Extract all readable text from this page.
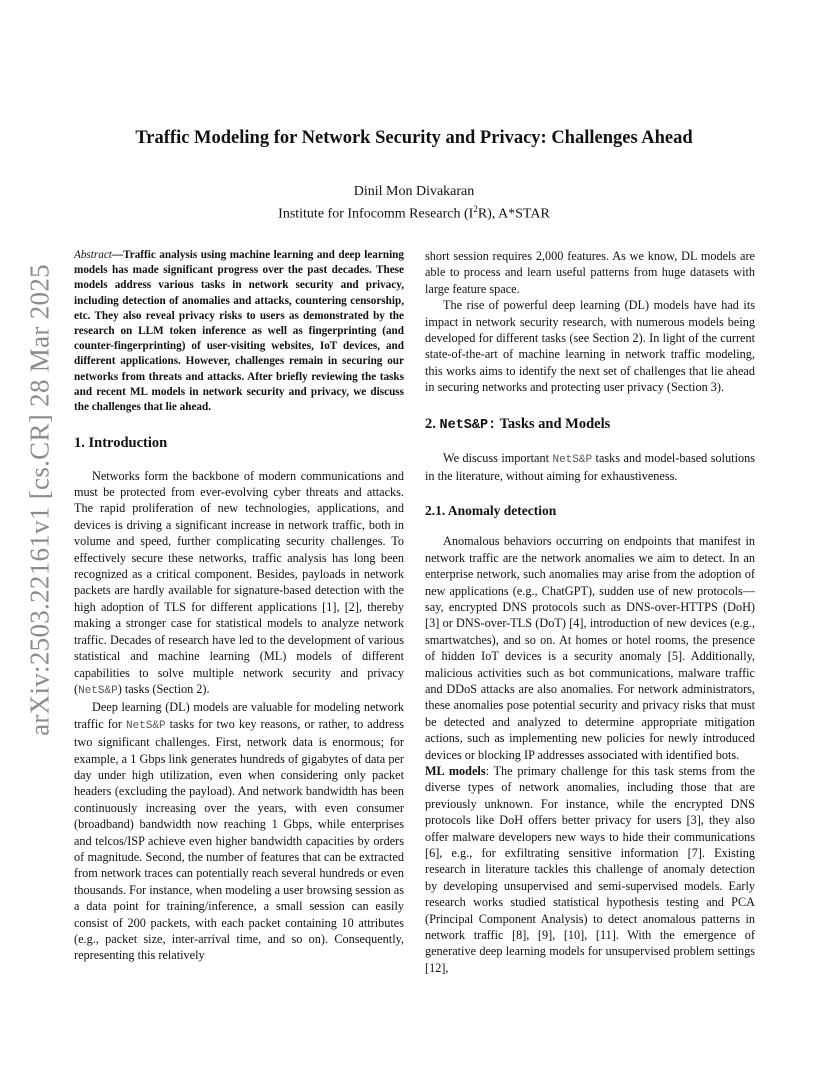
arXiv:2503.22161v1 [cs.CR] 28 Mar 2025
Traffic Modeling for Network Security and Privacy: Challenges Ahead
Dinil Mon Divakaran
Institute for Infocomm Research $(I^2R)$, A*STAR

Abstract—Traffic analysis using machine learning and deep learning models has made significant progress over the past decades. These models address various tasks in network security and privacy, including detection of anomalies and attacks, countering censorship, etc. They also reveal privacy risks to users as demonstrated by the research on LLM token inference as well as fingerprinting (and counter-fingerprinting) of user-visiting websites, IoT devices, and different applications. However, challenges remain in securing our networks from threats and attacks. After briefly reviewing the tasks and recent ML models in network security and privacy, we discuss the challenges that lie ahead.

1. Introduction

Networks form the backbone of modern communications and must be protected from ever-evolving cyber threats and attacks. The rapid proliferation of new technologies, applications, and devices is driving a significant increase in network traffic, both in volume and speed, further complicating security challenges. To effectively secure these networks, traffic analysis has long been recognized as a critical component. Besides, payloads in network packets are hardly available for signature-based detection with the high adoption of TLS for different applications [1], [2], thereby making a stronger case for statistical models to analyze network traffic. Decades of research have led to the development of various statistical and machine learning (ML) models of different capabilities to solve multiple network security and privacy (NetS&P) tasks (Section 2).

Deep learning (DL) models are valuable for modeling network traffic for NetS&P tasks for two key reasons, or rather, to address two significant challenges. First, network data is enormous; for example, a 1 Gbps link generates hundreds of gigabytes of data per day under high utilization, even when considering only packet headers (excluding the payload). And network bandwidth has been continuously increasing over the years, with even consumer (broadband) bandwidth now reaching 1 Gbps, while enterprises and telcos/ISP achieve even higher bandwidth capacities by orders of magnitude. Second, the number of features that can be extracted from network traces can potentially reach several hundreds or even thousands. For instance, when modeling a user browsing session as a data point for training/inference, a small session can easily consist of 200 packets, with each packet containing 10 attributes (e.g., packet size, inter-arrival time, and so on). Consequently, representing this relatively

short session requires 2,000 features. As we know, DL models are able to process and learn useful patterns from huge datasets with large feature space.

The rise of powerful deep learning (DL) models have had its impact in network security research, with numerous models being developed for different tasks (see Section 2). In light of the current state-of-the-art of machine learning in network traffic modeling, this works aims to identify the next set of challenges that lie ahead in securing networks and protecting user privacy (Section 3).

2. NetS&P: Tasks and Models

We discuss important NetS&P tasks and model-based solutions in the literature, without aiming for exhaustiveness.

2.1. Anomaly detection

Anomalous behaviors occurring on endpoints that manifest in network traffic are the network anomalies we aim to detect. In an enterprise network, such anomalies may arise from the adoption of new applications (e.g., ChatGPT), sudden use of new protocols—say, encrypted DNS protocols such as DNS-over-HTTPS (DoH) [3] or DNS-over-TLS (DoT) [4], introduction of new devices (e.g., smartwatches), and so on. At homes or hotel rooms, the presence of hidden IoT devices is a security anomaly [5]. Additionally, malicious activities such as bot communications, malware traffic and DDoS attacks are also anomalies. For network administrators, these anomalies pose potential security and privacy risks that must be detected and analyzed to determine appropriate mitigation actions, such as implementing new policies for newly introduced devices or blocking IP addresses associated with identified bots.

ML models: The primary challenge for this task stems from the diverse types of network anomalies, including those that are previously unknown. For instance, while the encrypted DNS protocols like DoH offers better privacy for users [3], they also offer malware developers new ways to hide their communications [6], e.g., for exfiltrating sensitive information [7]. Existing research in literature tackles this challenge of anomaly detection by developing unsupervised and semi-supervised models. Early research works studied statistical hypothesis testing and PCA (Principal Component Analysis) to detect anomalous patterns in network traffic [8], [9], [10], [11]. With the emergence of generative deep learning models for unsupervised problem settings [12],
